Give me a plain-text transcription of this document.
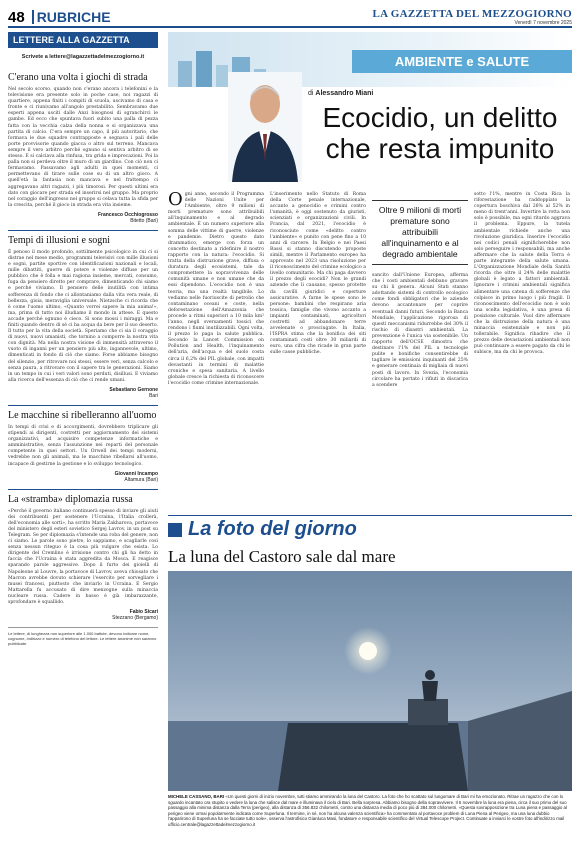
48 RUBRICHE	LA GAZZETTA DEL MEZZOGIORNO
Venerdì 7 novembre 2025
LETTERE ALLA GAZZETTA
Scrivete a lettere@lagazzettadelmezzogiorno.it
C'erano una volta i giochi di strada
Nel secolo scorso, quando non c'erano ancora i telefonini e la televisione era presente solo in poche case, noi ragazzi di quartiere, appena finiti i compiti di scuola, uscivamo di casa e fronte e ci riunivamo all'angolo prestabilito. Sembravamo due esperti appena usciti dalle Anzi bisognosi di sgranchirci le gambe. Ed ecco che spuntava fuori subito una palla di pezza fatta con la vecchia calza della nonna e si organizzava una partita di calcio. C'era sempre un capo, il più autoritario, che formava le due squadre contrapposte e segnava i pali delle porte provvisorie quando giacca o altro sul terreno. Mancava sempre il vero arbitro perché ognuno si sentiva arbitro di se stesso. E si calciava alla rinfusa, tra grida e imprecazioni. Poi la palla non si perdeva oltre il muro di un giardino. Con ciò non ci fermavamo. Passavamo agli adulti in quei momenti, ci permettevano di tirare sulle cose su di un altro gioco. A quell'età la fantasia non mancava e nel frattempo ci aggregavano altri ragazzi, i più timorosi. Per questi ultimi era dato con giocare per strada ed inserirsi nel gruppo. Ma proprio nel coraggio dell'ingresso nel gruppo si celava tutta la sfida per la crescita, perché il gioco in strada era vita insieme.
Francesco Occhiogrosso
Bitetto (Bari)
Tempi di illusioni e sogni
È penoso il modo profondo, sottilmente psicologico in cui ci si distrae nel mese medio, programmi televisivi con mille illusioni e sogni, partite sportive con identificazioni nazionali e locali, mille dibattiti, guerre di potere e violenze diffuse per un pubblico che è folla e mai ragiona insieme, mercati, consumo, fuga da pensiero diretto per comprare, dimenticando chi siamo e perché viviamo. Il pensiero delle inutilità con intima sofferenza di fondo che ci allontaniamo dalla vita vera reale, di bellezza, gioia, meraviglia universale. Nietzsche ci ricorda che è come l'uomo ultimo, «Quanto vorrei sapere la mia anima!», ma, prima di tutto noi illudiamo il mondo in attese. E questo accade perché ognuno è cieco. Si sono mossi i miraggi. Ma e finiti quando dentro di sé ci ha acqua da bere per il suo deserto. Il tutto per la vita della società. Speriamo che ci sia il coraggio di nuovi, nuovi umanisti, che tornino a comporre la nostra vita con dignità. Ma nella nostra visione di immensità attraverso il vuoto di inganni per un pensiero più alto, ingannevole, ultimo, dimenticati in fondo di ciò che siamo. Forse abbiamo bisogno del silenzio, per ritrovare noi stessi, essere veri, senza calcolo e senza paura, a ritrovare con il sapere tra le generazioni. Siamo in un tempo in cui i veri valori sono perduti, disillusi. E viviamo alla ricerca dell'essenza di ciò che ci rende umani.
Sebastiano Gernone
Bari
Le macchine si ribelleranno all'uomo
In tempi di crisi e di accorgimenti, dovrebbero triplicare gli stipendi ai dirigenti, costretti per aggiornamento dei sistemi organizzativi, ad acquisire competenze informatiche e amministrative, senza l'assunzione nei reparti del personale competente in quei settori. Un Orwell dei tempi moderni, vedrebbe non gli animali, ma le macchine ribellarsi all'uomo, incapace di gestirne la gestione e lo sviluppo tecnologico.
Giovanni Incampo
Altamura (Bari)
La «stramba» diplomazia russa
«Perché il governo italiano continuerà spesso di inviare gli aiuti dei contribuenti per sostenere l'Ucraina, l'Italia crollerà, dell'economia alle sorti», ha scritto Maria Zakharova, portavoce del ministero degli esteri sovietico Sergej Lavrov, in un post su Telegram. Se per diplomazia s'intende una roba del genere, non ci siamo. Le parole sono pietre, lo sappiamo, e scagliarle così senza nessun riteguo è la cosa più vulgare che esista. Lo dirigente del Cremlino è irrisione contro chi gli ha detto in faccia che l'Ucraina è stata aggredita da Mosca. E reagisce sparando parole aggressive. Dopo il furto dei gioielli di Napoleone al Louvre, la portavoce di Lavrov, aveva chiosato che Macron avrebbe dovuto schierare l'esercito per sorvegliare i musei francesi, piuttosto che inviarlo in Ucraina. E Sergio Mattarella fu accusato di dire menzogne sulla minaccia nucleare russa. Cadere in basso è già imbarazzante, sprofondare è squallido.
Fabio Sicari
Stezzano (Bergamo)
Le lettere, di lunghezza non superiore alle 1.000 battute, devono indicare nome, cognome, indirizzo e numero di telefono del lettore. Le lettere anonime non saranno pubblicate.
AMBIENTE e SALUTE
di Alessandro Miani
Ecocidio, un delitto che resta impunito
Ogni anno, secondo il Programma delle Nazioni Unite per l'Ambiente, oltre 9 milioni di morti premature sono attribuibili all'inquinamento e al degrado ambientale. È un numero superiore alla somma delle vittime di guerre, violenze e pandemie. Dietro questo dato drammatico, emerge con forza un concetto destinato a ridefinire il nostro rapporto con la natura: l'ecocidio. Si tratta della distruzione grave, diffusa o duratura degli ecosistemi, tale da compromettere la sopravvivenza delle comunità umane e non umane che da essi dipendono. L'ecocidio non è una teoria, ma una realtà tangibile. Lo vediamo nelle fuoriuscite di petrolio che contaminano oceani e coste, nella deforestazione dell'Amazzonia che procede a ritmi superiori a 10 mila km² l'anno, negli sversamenti tossici che rendono i fiumi inutilizzabili. Ogni volta, il prezzo lo paga la salute pubblica. Secondo la Lancet Commission on Pollution and Health, l'inquinamento dell'aria, dell'acqua e del suolo costa circa il 6,2% del PIL globale, con impatti devastanti in termini di malattie croniche e spesa sanitaria. A livello globale cresce la richiesta di riconoscere l'ecocidio come crimine internazionale.
L'inserimento nello Statuto di Roma della Corte penale internazionale, accanto a genocidio e crimini contro l'umanità, è oggi sostenuto da giuristi, scienziati e organizzazioni civili. In Francia, dal 2021, l'ecocidio è riconosciuto come «delitto contro l'ambiente» e punito con pene fino a 10 anni di carcere. In Belgio e nei Paesi Bassi si stanno discutendo proposte simili, mentre il Parlamento europeo ha approvato nel 2023 una risoluzione per il riconoscimento del crimine ecologico a livello comunitario. Ma chi paga davvero il prezzo degli ecocidi? Non le grandi aziende che li causano, spesso protette da cavilli giuridici e coperture assicurative. A farne le spese sono le persone: bambini che respirano aria tossica, famiglie che vivono accanto a impianti contaminati, agricoltori costretti ad abbandonare terre avvelenate o prosciugate. In Italia, l'ISPRA stima che la bonifica dei siti contaminati costi oltre 30 miliardi di euro, una cifra che ricade in gran parte sulle casse pubbliche.
Oltre 9 milioni di morti premature sono attribuibili all'inquinamento e al degrado ambientale
sancito dall'Unione Europea, afferma che i costi ambientali debbano gravare su chi li genera. Alcuni Stati stanno adottando sistemi di controllo ecologico come fondi obbligatori che le aziende devono accantonare per coprire eventuali danni futuri. Secondo la Banca Mondiale, l'applicazione rigorosa di questi meccanismi ridurrebbe del 30% il rischio di disastri ambientali. La prevenzione è l'unica via sostenibile. Un rapporto dell'OCSE dimostra che destinare l'1% del PIL a tecnologie pulite e bonifiche consentirebbe di tagliare le emissioni inquinanti del 25% e generare centinaia di migliaia di nuovi posti di lavoro. In Svezia, l'economia circolare ha portato i rifiuti in discarica a scendere
sotto l'1%, mentre in Costa Rica la riforestazione ha raddoppiato la copertura boschiva dal 26% al 52% in meno di trent'anni. Invertire la rotta non solo è possibile, ma ogni ritardo aggrava il problema. Eppure, la tutela ambientale richiede anche una rivoluzione giuridica. Inserire l'ecocidio nei codici penali significherebbe non solo perseguire i responsabili, ma anche affermare che la salute della Terra è parte integrante della salute umana. L'Organizzazione Mondiale della Sanità ricorda che oltre il 24% delle malattie globali è legato a fattori ambientali. Ignorare i crimini ambientali significa alimentare una catena di sofferenze che colpisce in primo luogo i più fragili. Il riconoscimento dell'ecocidio non è solo una scelta legislativa, è una presa di posizione culturale. Vuol dire affermare che la distruzione della natura è una minaccia esistenziale e non più tollerabile. Significa ribadire che il prezzo delle devastazioni ambientali non può continuare a essere pagato da chi le subisce, ma da chi le provoca.
La foto del giorno
La luna del Castoro sale dal mare
MICHELE CASSANO, BARI «Un questi giorni di inizio novembre, tutti stiamo ammirando la luna del Castoro. La foto che ho scattato sul lungomare di Bari mi ha emozionato. Ritrae un ragazzo che con lo sguardo incantato ora stupito o vedere la luna che salisce dal mare e illuminava il cielo di Bari. Bella sorpresa. Abbiamo bisogno della sopravvivere. Il 5 novembre la luna era piena, circa il suo primo del suo passaggio alla minima distanza dalla Terra (perigeo), alla distanza di 356.832 chilometri, contro una distanza media di poco più di 384.000 chilometri. «Questa sovrapposizione tra Luna piena e passaggio al perigeo viene ormai popolarmente indicata come Superluna. Il termine, in sé, non ha alcuna valenza scientifica» ha commentato al portavoce problem di Luna Piena al Perigeo, ma una luna dubbio l'apparirono di Superluna ha se facciate tutto sole», osserva l'astrofisico Gianluca Masi, fondatore e responsabile scientifico del Virtual Telescope Project. Continuate a inviarci le vostre foto all'indirizzo mail ufficio.centrale@lagazzettadelmezzogiorno.it
